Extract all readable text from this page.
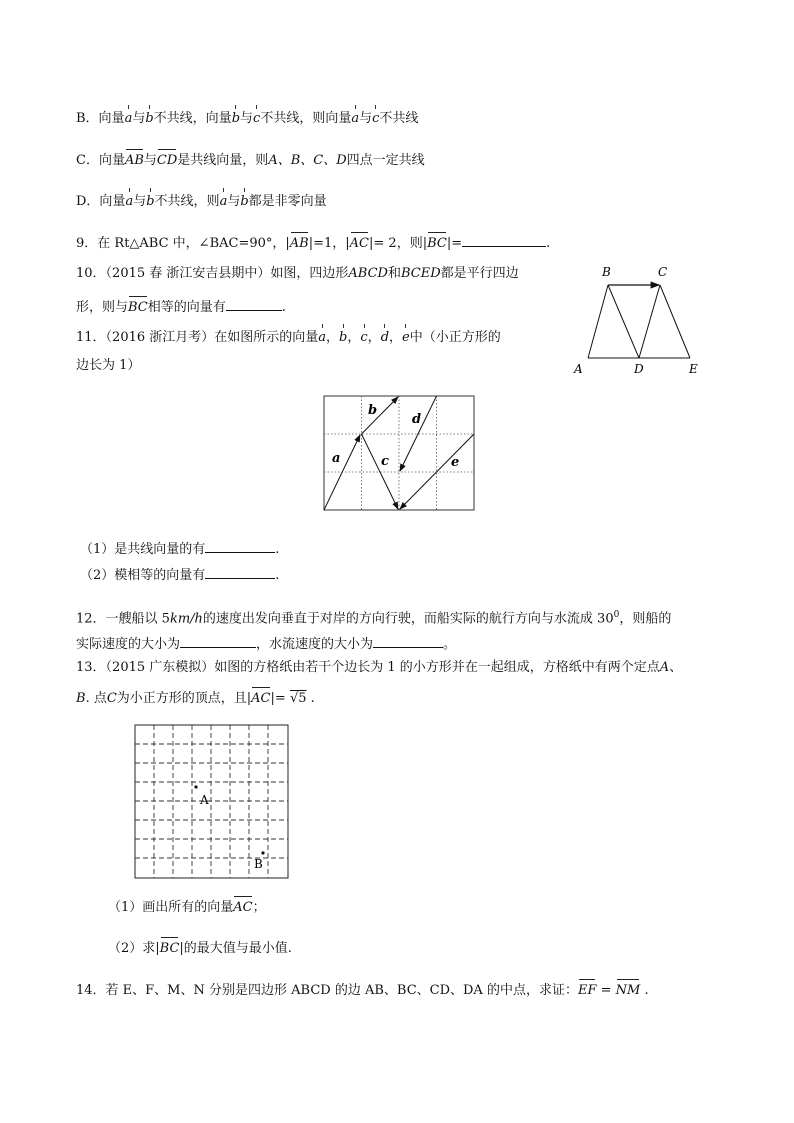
B．向量a与b不共线，向量b与c不共线，则向量a与c不共线
C．向量AB与CD是共线向量，则A、B、C、D四点一定共线
D．向量a与b不共线，则a与b都是非零向量
9．在 Rt△ABC 中，∠BAC=90°，|AB|=1，|AC|= 2，则|BC|=	.
10．（2015 春 浙江安吉县期中）如图，四边形ABCD和BCED都是平行四边
形，则与BC相等的向量有	.
B	C
A	D	E
11．（2016 浙江月考）在如图所示的向量a，b，c，d，e中（小正方形的
边长为 1）
a
b
c
d
e
（1）是共线向量的有	.
（2）模相等的向量有	.
12．一艘船以 5km/h的速度出发向垂直于对岸的方向行驶，而船实际的航行方向与水流成 $30^0$，则船的
实际速度的大小为	，水流速度的大小为	。
13．（2015 广东模拟）如图的方格纸由若干个边长为 1 的小方形并在一起组成，方格纸中有两个定点A、
B. 点C为小正方形的顶点，且|AC|= √5 .
A
B
（1）画出所有的向量AC；
（2）求|BC|的最大值与最小值.
14．若 E、F、M、N 分别是四边形 ABCD 的边 AB、BC、CD、DA 的中点，求证：EF = NM .
